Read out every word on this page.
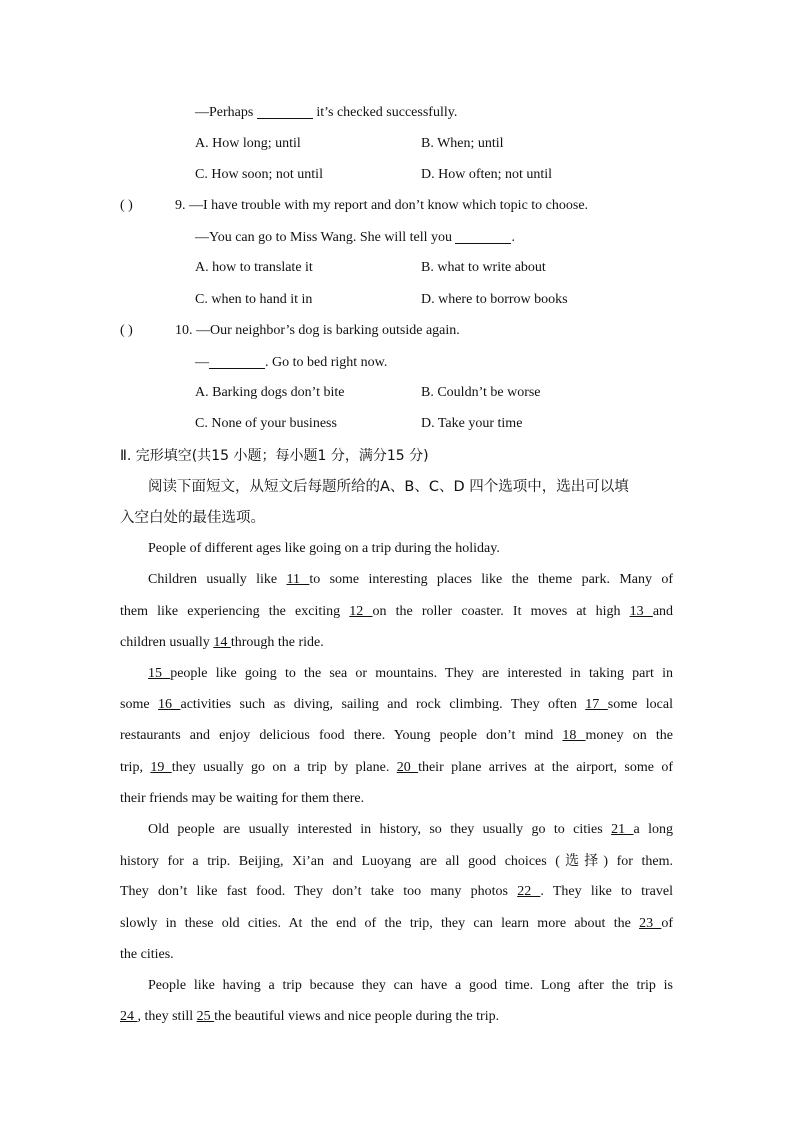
—Perhaps	it’s checked successfully.
A. How long; until	B. When; until
C. How soon; not until	D. How often; not until
( )	9. —I have trouble with my report and don’t know which topic to choose.
—You can go to Miss Wang. She will tell you	.
A. how to translate it	B. what to write about
C. when to hand it in	D. where to borrow books
( )	10. —Our neighbor’s dog is barking outside again.
—	. Go to bed right now.
A. Barking dogs don’t bite	B. Couldn’t be worse
C. None of your business	D. Take your time
Ⅱ. 完形填空(共15 小题；每小题1 分，满分15 分)
阅读下面短文，从短文后每题所给的A、B、C、D 四个选项中，选出可以填
入空白处的最佳选项。
People of different ages like going on a trip during the holiday.
Children usually like 11 to some interesting places like the theme park. Many of
them like experiencing the exciting 12 on the roller coaster. It moves at high 13 and
children usually 14 through the ride.
15 people like going to the sea or mountains. They are interested in taking part in
some 16 activities such as diving, sailing and rock climbing. They often 17 some local
restaurants and enjoy delicious food there. Young people don’t mind 18 money on the
trip, 19 they usually go on a trip by plane. 20 their plane arrives at the airport, some of
their friends may be waiting for them there.
Old people are usually interested in history, so they usually go to cities 21 a long
history for a trip. Beijing, Xi’an and Luoyang are all good choices (选择) for them.
They don’t like fast food. They don’t take too many photos 22 . They like to travel
slowly in these old cities. At the end of the trip, they can learn more about the 23 of
the cities.
People like having a trip because they can have a good time. Long after the trip is
24 , they still 25 the beautiful views and nice people during the trip.
